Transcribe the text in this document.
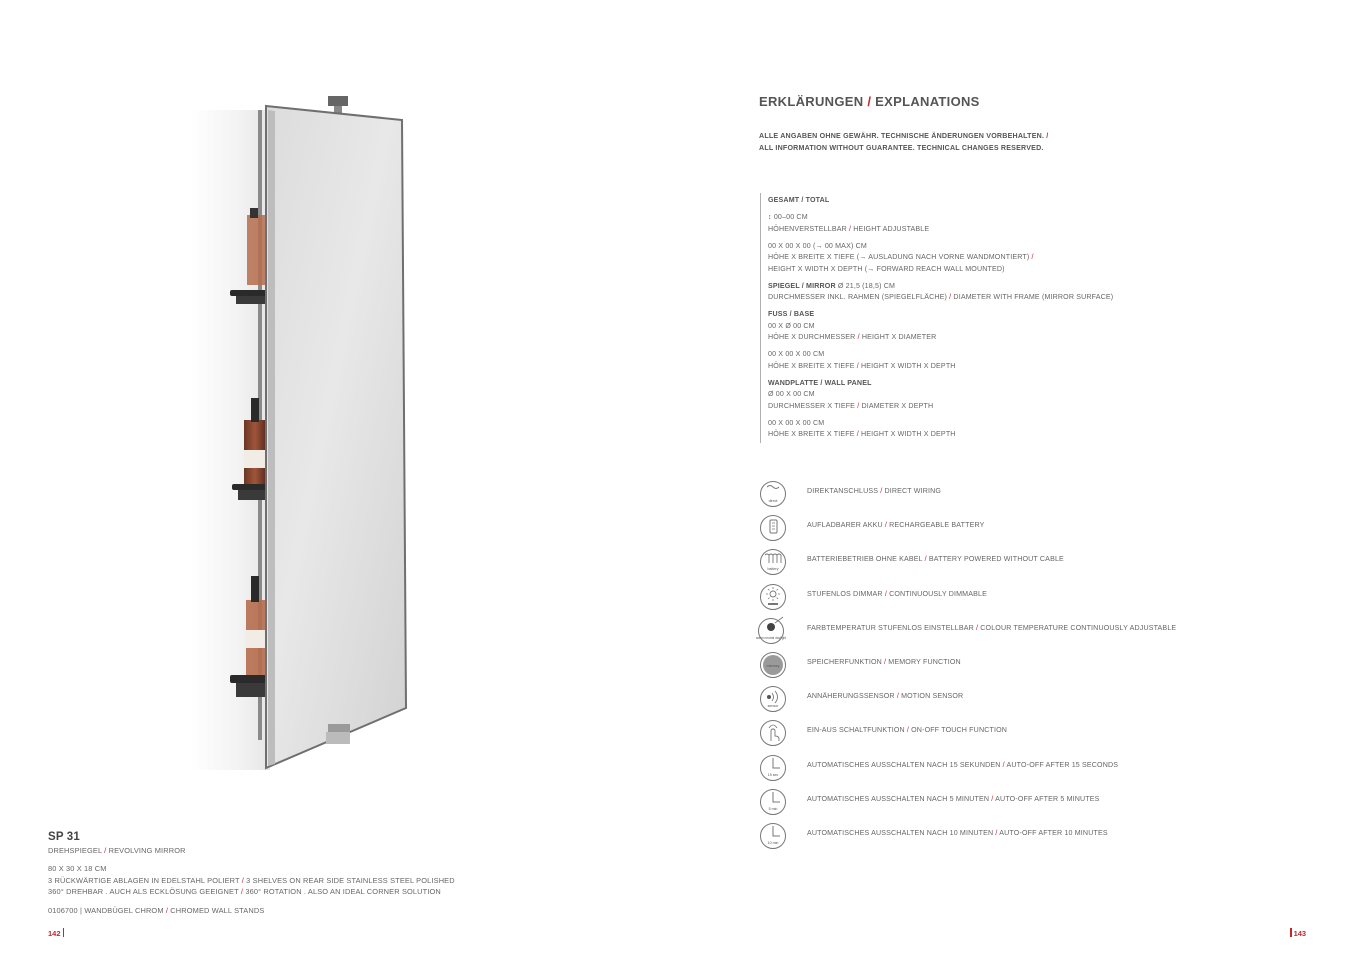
SP 31
DREHSPIEGEL / REVOLVING MIRROR
80 X 30 X 18 CM
3 RÜCKWÄRTIGE ABLAGEN IN EDELSTAHL POLIERT / 3 SHELVES ON REAR SIDE STAINLESS STEEL POLISHED
360° DREHBAR . AUCH ALS ECKLÖSUNG GEEIGNET / 360° ROTATION . ALSO AN IDEAL CORNER SOLUTION
0106700 | WANDBÜGEL CHROM / CHROMED WALL STANDS
142
ERKLÄRUNGEN / EXPLANATIONS
ALLE ANGABEN OHNE GEWÄHR. TECHNISCHE ÄNDERUNGEN VORBEHALTEN. /
ALL INFORMATION WITHOUT GUARANTEE. TECHNICAL CHANGES RESERVED.
GESAMT / TOTAL
↕ 00–00 CM
HÖHENVERSTELLBAR / HEIGHT ADJUSTABLE
00 X 00 X 00 (→ 00 MAX) CM
HÖHE X BREITE X TIEFE (→ AUSLADUNG NACH VORNE WANDMONTIERT) /
HEIGHT X WIDTH X DEPTH (→ FORWARD REACH WALL MOUNTED)
SPIEGEL / MIRROR Ø 21,5 (18,5) CM
DURCHMESSER INKL. RAHMEN (SPIEGELFLÄCHE) / DIAMETER WITH FRAME (MIRROR SURFACE)
FUSS / BASE
00 X Ø 00 CM
HÖHE X DURCHMESSER / HEIGHT X DIAMETER
00 X 00 X 00 CM
HÖHE X BREITE X TIEFE / HEIGHT X WIDTH X DEPTH
WANDPLATTE / WALL PANEL
Ø 00 X 00 CM
DURCHMESSER X TIEFE / DIAMETER X DEPTH
00 X 00 X 00 CM
HÖHE X BREITE X TIEFE / HEIGHT X WIDTH X DEPTH
direct
DIREKTANSCHLUSS / DIRECT WIRING
AUFLADBARER AKKU / RECHARGEABLE BATTERY
battery
BATTERIEBETRIEB OHNE KABEL / BATTERY POWERED WITHOUT CABLE
STUFENLOS DIMMAR / CONTINUOUSLY DIMMABLE
warm neutral daylight
FARBTEMPERATUR STUFENLOS EINSTELLBAR / COLOUR TEMPERATURE CONTINUOUSLY ADJUSTABLE
memory	SPEICHERFUNKTION / MEMORY FUNCTION
sensor
ANNÄHERUNGSSENSOR / MOTION SENSOR
EIN-AUS SCHALTFUNKTION / ON-OFF TOUCH FUNCTION
15 sec
AUTOMATISCHES AUSSCHALTEN NACH 15 SEKUNDEN / AUTO-OFF AFTER 15 SECONDS
5 min
AUTOMATISCHES AUSSCHALTEN NACH 5 MINUTEN / AUTO-OFF AFTER 5 MINUTES
10 min
AUTOMATISCHES AUSSCHALTEN NACH 10 MINUTEN / AUTO-OFF AFTER 10 MINUTES
143
